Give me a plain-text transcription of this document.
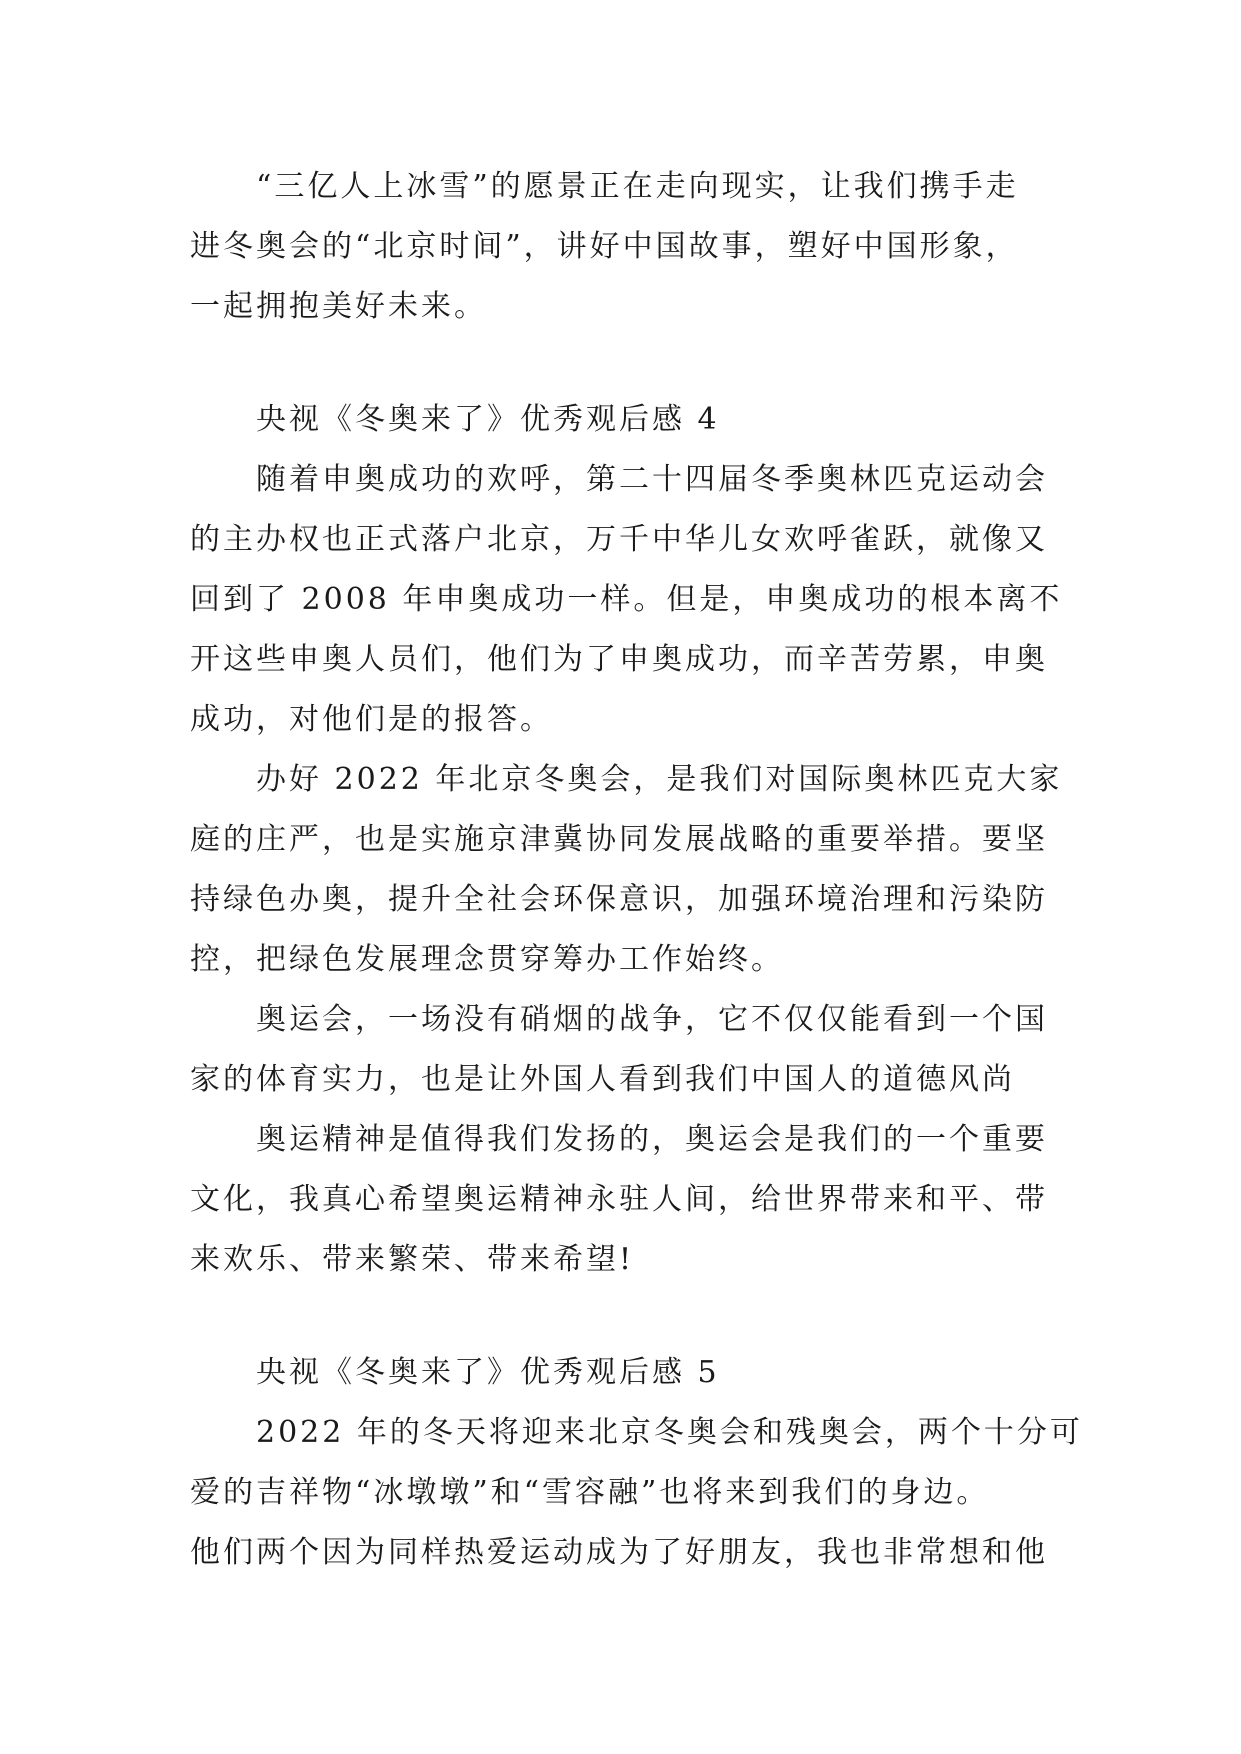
“三亿人上冰雪”的愿景正在走向现实，让我们携手走
进冬奥会的“北京时间”，讲好中国故事，塑好中国形象，
一起拥抱美好未来。
央视《冬奥来了》优秀观后感 4
随着申奥成功的欢呼，第二十四届冬季奥林匹克运动会
的主办权也正式落户北京，万千中华儿女欢呼雀跃，就像又
回到了 2008 年申奥成功一样。但是，申奥成功的根本离不
开这些申奥人员们，他们为了申奥成功，而辛苦劳累，申奥
成功，对他们是的报答。
办好 2022 年北京冬奥会，是我们对国际奥林匹克大家
庭的庄严，也是实施京津冀协同发展战略的重要举措。要坚
持绿色办奥，提升全社会环保意识，加强环境治理和污染防
控，把绿色发展理念贯穿筹办工作始终。
奥运会，一场没有硝烟的战争，它不仅仅能看到一个国
家的体育实力，也是让外国人看到我们中国人的道德风尚
奥运精神是值得我们发扬的，奥运会是我们的一个重要
文化，我真心希望奥运精神永驻人间，给世界带来和平、带
来欢乐、带来繁荣、带来希望!
央视《冬奥来了》优秀观后感 5
2022 年的冬天将迎来北京冬奥会和残奥会，两个十分可
爱的吉祥物“冰墩墩”和“雪容融”也将来到我们的身边。
他们两个因为同样热爱运动成为了好朋友，我也非常想和他
